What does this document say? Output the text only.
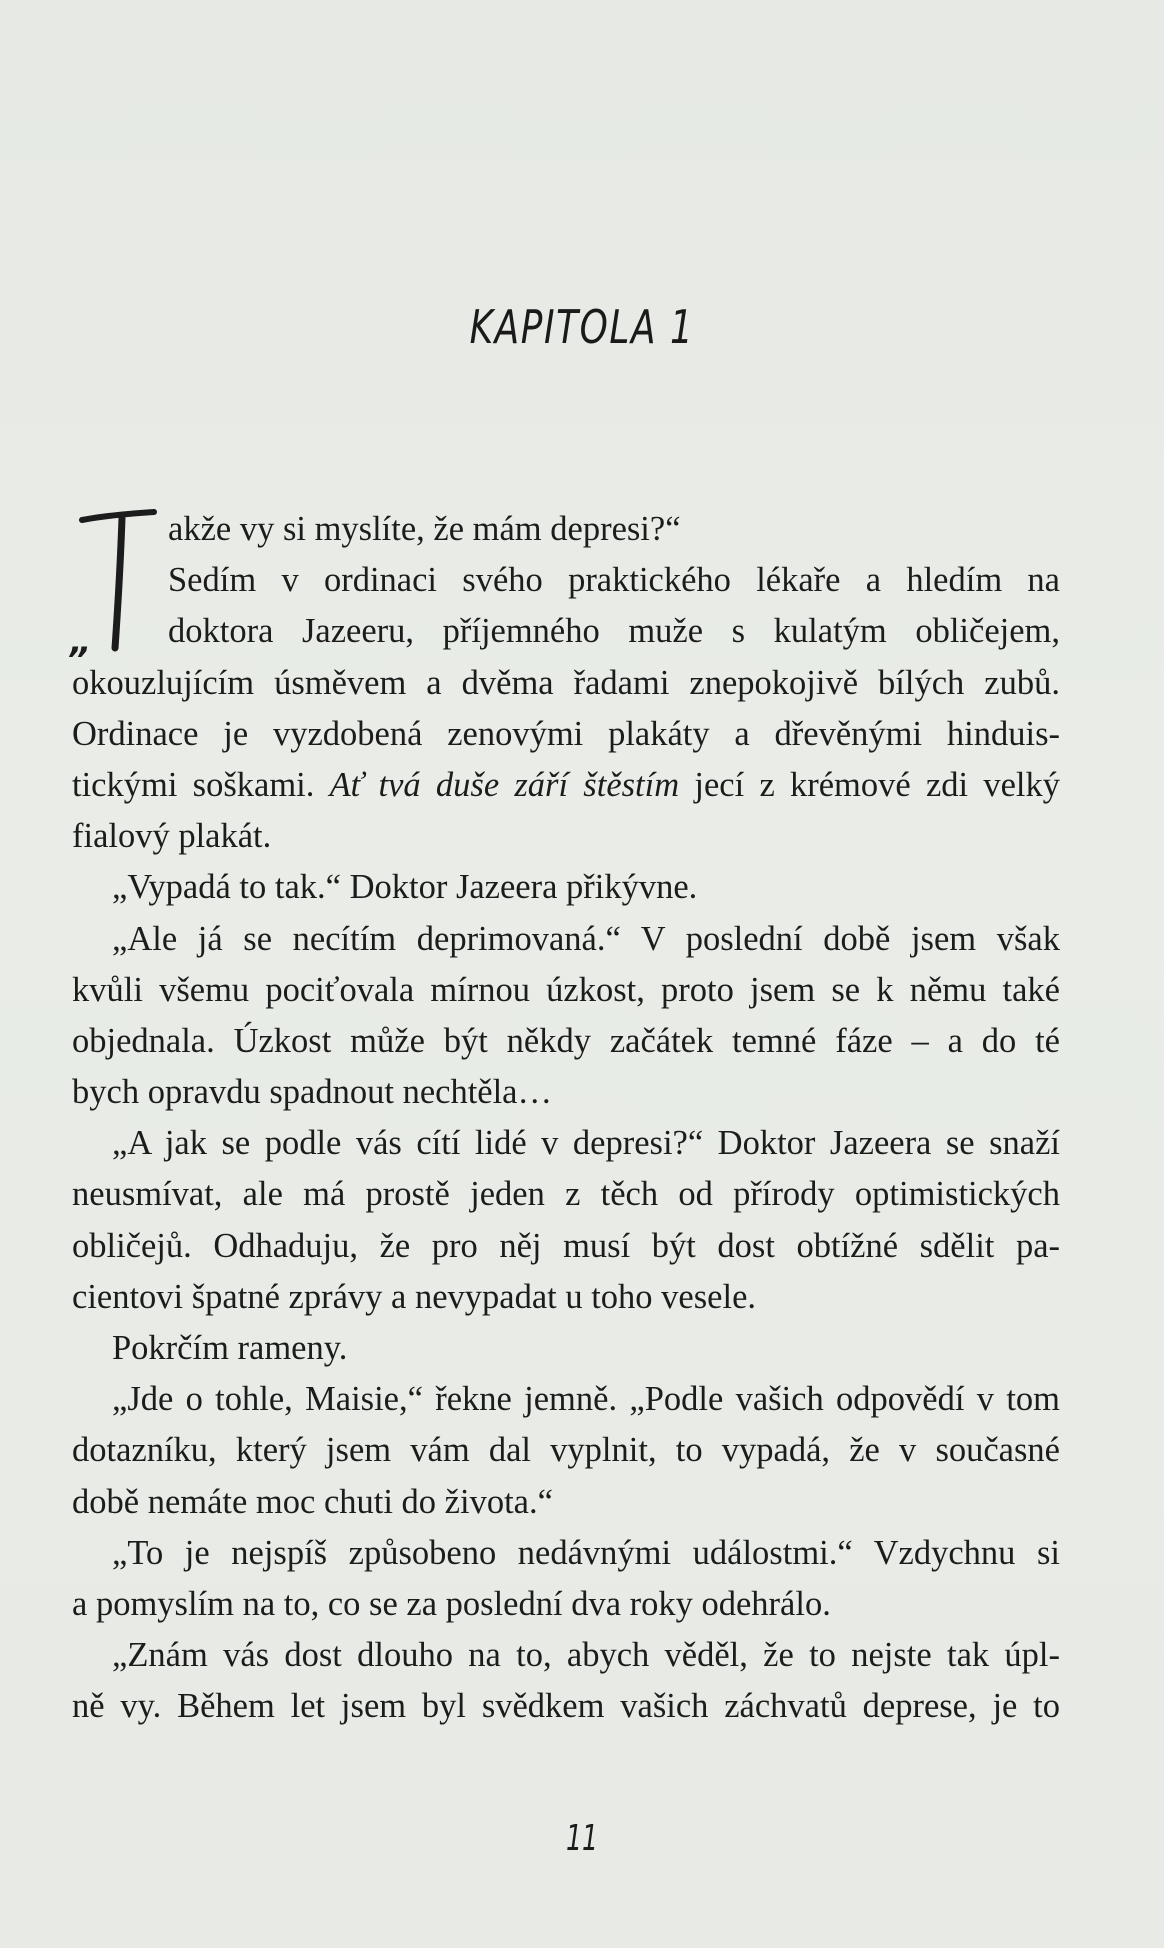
KAPITOLA 1
„
akže vy si myslíte, že mám depresi?“
Sedím v ordinaci svého praktického lékaře a hledím na
doktora Jazeeru, příjemného muže s kulatým obličejem,
okouzlujícím úsměvem a dvěma řadami znepokojivě bílých zubů.
Ordinace je vyzdobená zenovými plakáty a dřevěnými hinduis-
tickými soškami. Ať tvá duše září štěstím jecí z krémové zdi velký
fialový plakát.
„Vypadá to tak.“ Doktor Jazeera přikývne.
„Ale já se necítím deprimovaná.“ V poslední době jsem však
kvůli všemu pociťovala mírnou úzkost, proto jsem se k němu také
objednala. Úzkost může být někdy začátek temné fáze – a do té
bych opravdu spadnout nechtěla…
„A jak se podle vás cítí lidé v depresi?“ Doktor Jazeera se snaží
neusmívat, ale má prostě jeden z těch od přírody optimistických
obličejů. Odhaduju, že pro něj musí být dost obtížné sdělit pa-
cientovi špatné zprávy a nevypadat u toho vesele.
Pokrčím rameny.
„Jde o tohle, Maisie,“ řekne jemně. „Podle vašich odpovědí v tom
dotazníku, který jsem vám dal vyplnit, to vypadá, že v současné
době nemáte moc chuti do života.“
„To je nejspíš způsobeno nedávnými událostmi.“ Vzdychnu si
a pomyslím na to, co se za poslední dva roky odehrálo.
„Znám vás dost dlouho na to, abych věděl, že to nejste tak úpl-
ně vy. Během let jsem byl svědkem vašich záchvatů deprese, je to
11
